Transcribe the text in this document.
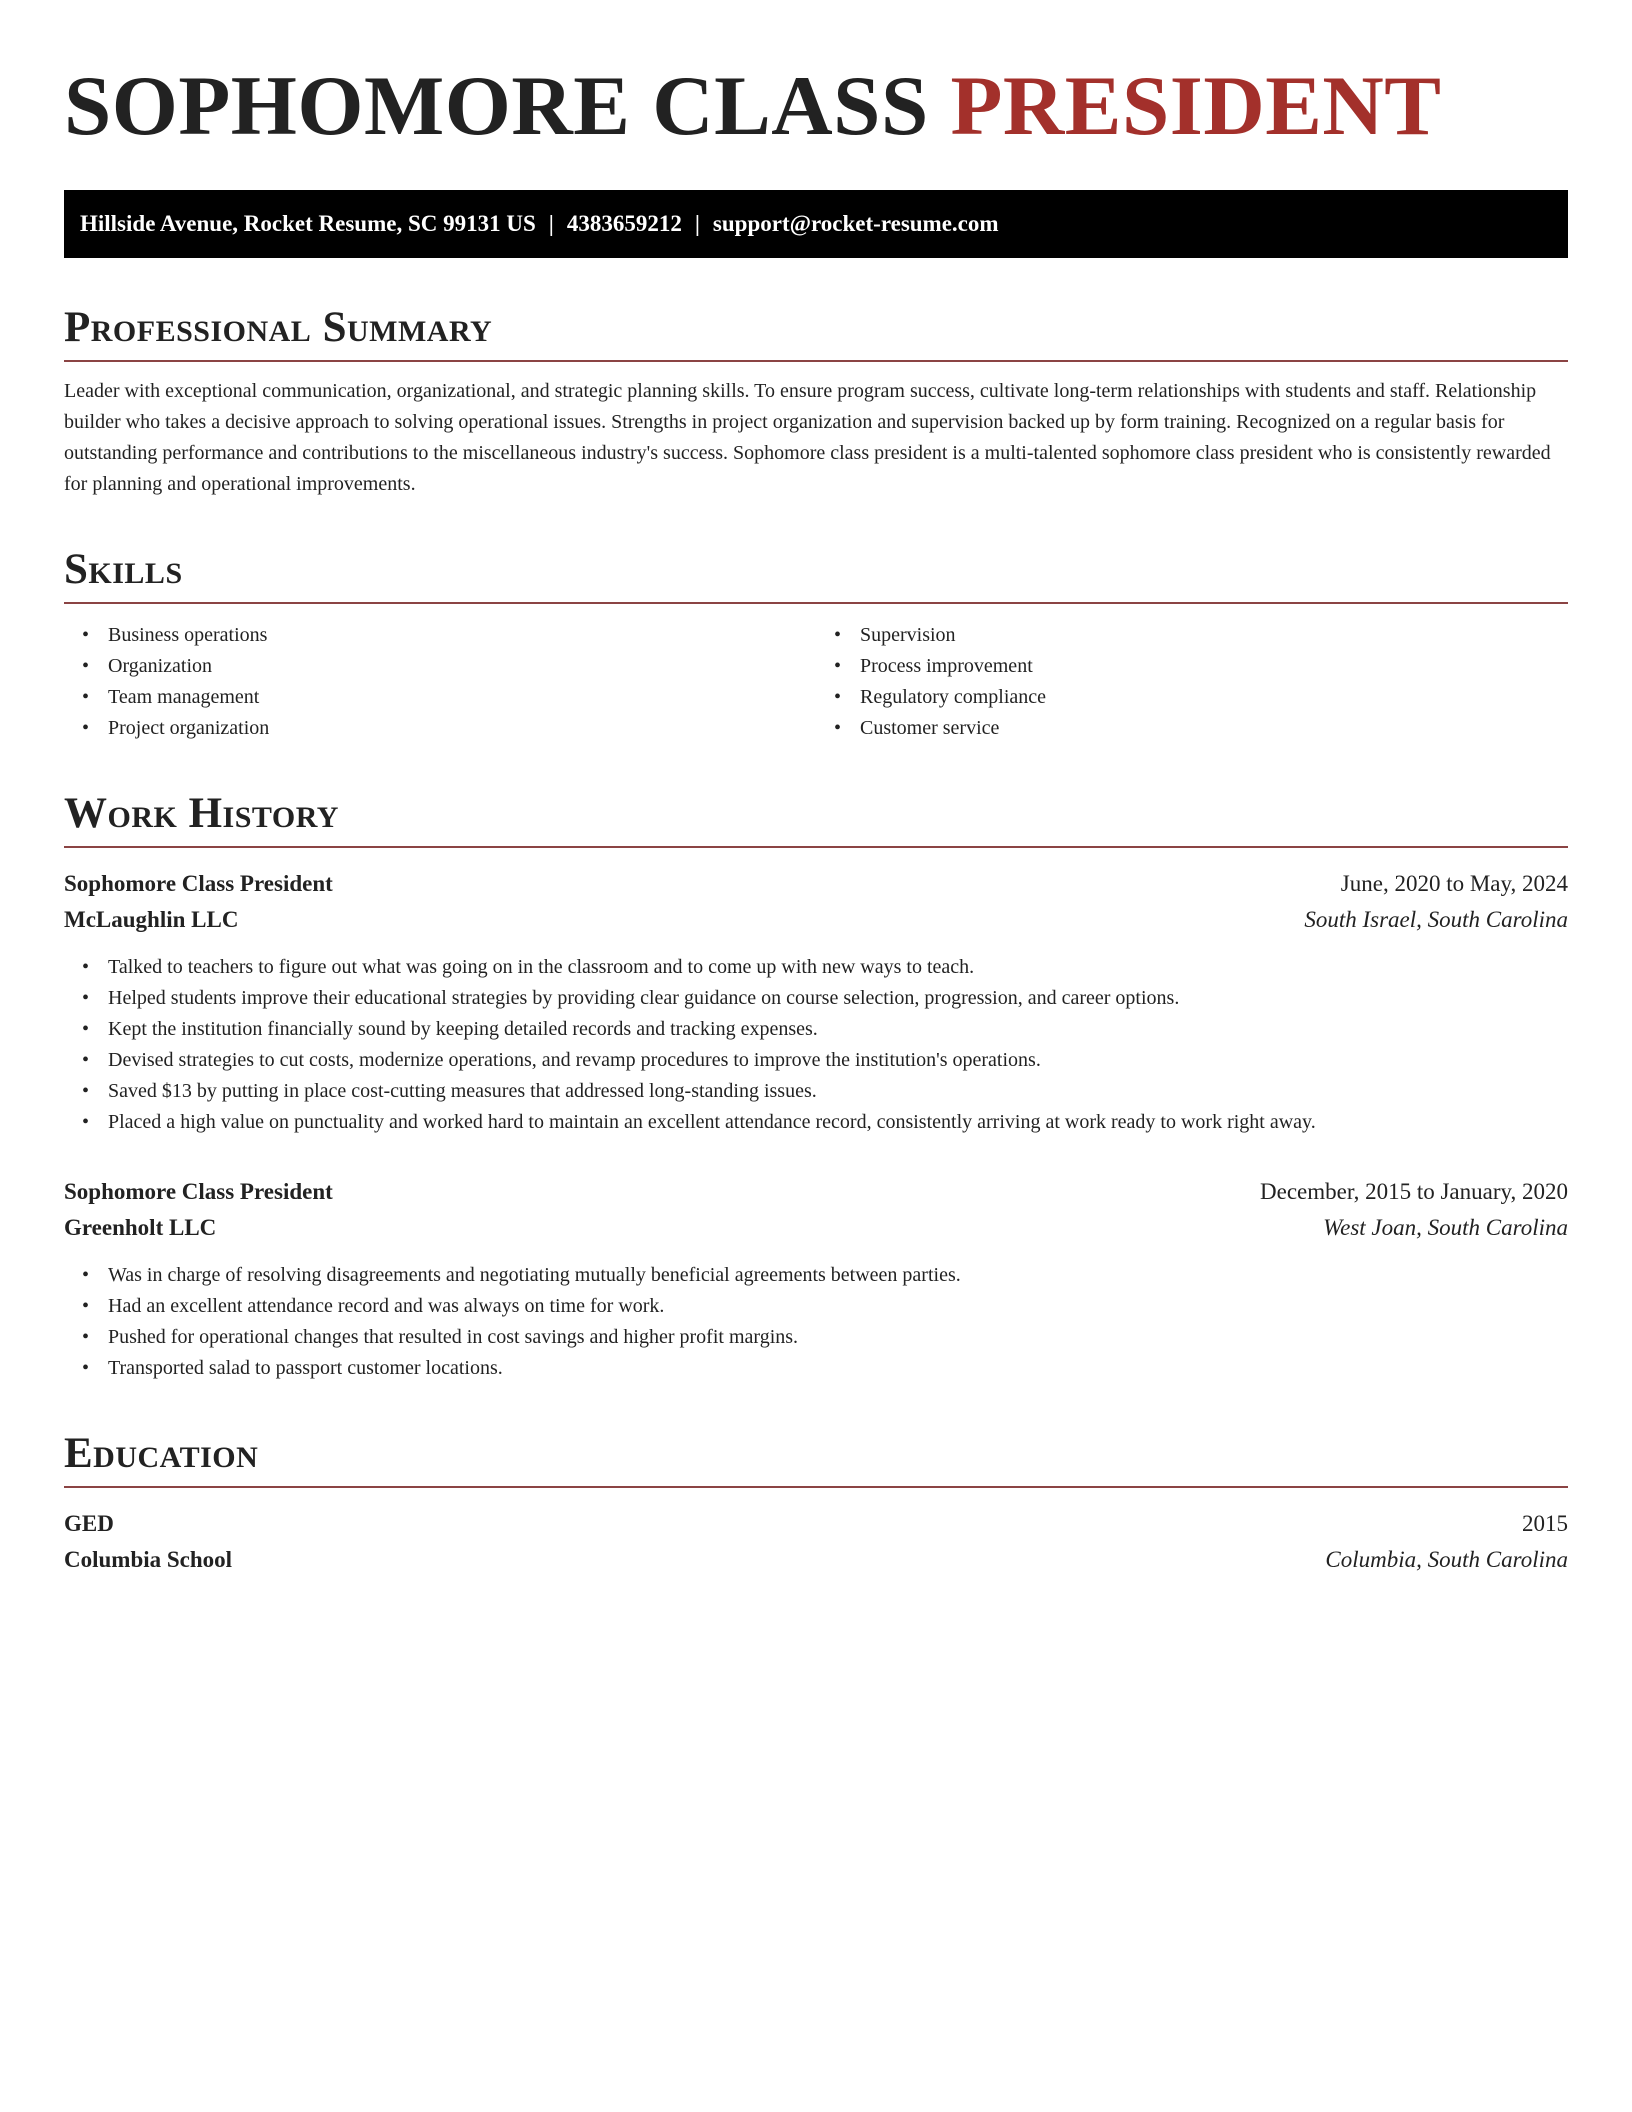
SOPHOMORE CLASS PRESIDENT
Hillside Avenue, Rocket Resume, SC 99131 US | 4383659212 | support@rocket-resume.com
Professional Summary
Leader with exceptional communication, organizational, and strategic planning skills. To ensure program success, cultivate long-term relationships with students and staff. Relationship builder who takes a decisive approach to solving operational issues. Strengths in project organization and supervision backed up by form training. Recognized on a regular basis for outstanding performance and contributions to the miscellaneous industry's success. Sophomore class president is a multi-talented sophomore class president who is consistently rewarded for planning and operational improvements.
Skills
• Business operations
• Organization
• Team management
• Project organization
• Supervision
• Process improvement
• Regulatory compliance
• Customer service
Work History
Sophomore Class President	June, 2020 to May, 2024
McLaughlin LLC	South Israel, South Carolina
• Talked to teachers to figure out what was going on in the classroom and to come up with new ways to teach.
• Helped students improve their educational strategies by providing clear guidance on course selection, progression, and career options.
• Kept the institution financially sound by keeping detailed records and tracking expenses.
• Devised strategies to cut costs, modernize operations, and revamp procedures to improve the institution's operations.
• Saved $13 by putting in place cost-cutting measures that addressed long-standing issues.
• Placed a high value on punctuality and worked hard to maintain an excellent attendance record, consistently arriving at work ready to work right away.
Sophomore Class President	December, 2015 to January, 2020
Greenholt LLC	West Joan, South Carolina
• Was in charge of resolving disagreements and negotiating mutually beneficial agreements between parties.
• Had an excellent attendance record and was always on time for work.
• Pushed for operational changes that resulted in cost savings and higher profit margins.
• Transported salad to passport customer locations.
Education
GED	2015
Columbia School	Columbia, South Carolina
